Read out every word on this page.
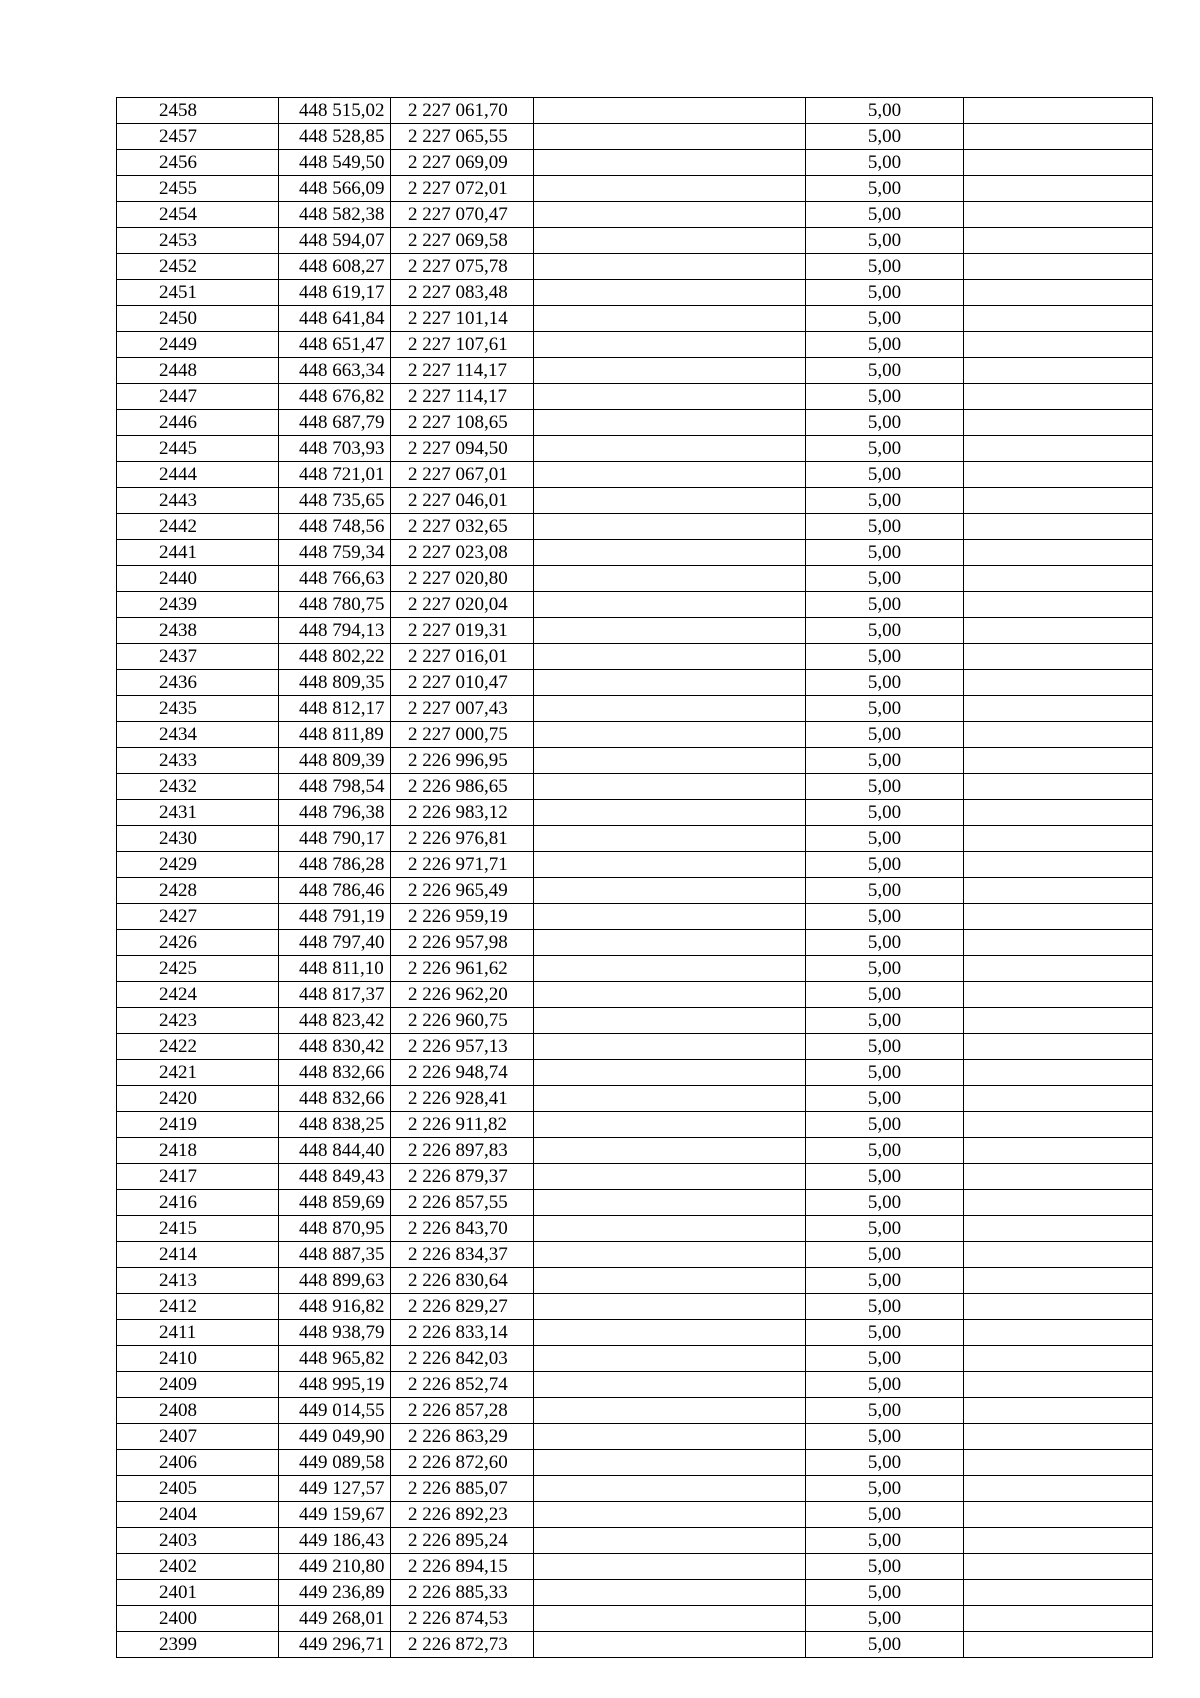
2458	448 515,02	2 227 061,70		5,00	
2457	448 528,85	2 227 065,55		5,00	
2456	448 549,50	2 227 069,09		5,00	
2455	448 566,09	2 227 072,01		5,00	
2454	448 582,38	2 227 070,47		5,00	
2453	448 594,07	2 227 069,58		5,00	
2452	448 608,27	2 227 075,78		5,00	
2451	448 619,17	2 227 083,48		5,00	
2450	448 641,84	2 227 101,14		5,00	
2449	448 651,47	2 227 107,61		5,00	
2448	448 663,34	2 227 114,17		5,00	
2447	448 676,82	2 227 114,17		5,00	
2446	448 687,79	2 227 108,65		5,00	
2445	448 703,93	2 227 094,50		5,00	
2444	448 721,01	2 227 067,01		5,00	
2443	448 735,65	2 227 046,01		5,00	
2442	448 748,56	2 227 032,65		5,00	
2441	448 759,34	2 227 023,08		5,00	
2440	448 766,63	2 227 020,80		5,00	
2439	448 780,75	2 227 020,04		5,00	
2438	448 794,13	2 227 019,31		5,00	
2437	448 802,22	2 227 016,01		5,00	
2436	448 809,35	2 227 010,47		5,00	
2435	448 812,17	2 227 007,43		5,00	
2434	448 811,89	2 227 000,75		5,00	
2433	448 809,39	2 226 996,95		5,00	
2432	448 798,54	2 226 986,65		5,00	
2431	448 796,38	2 226 983,12		5,00	
2430	448 790,17	2 226 976,81		5,00	
2429	448 786,28	2 226 971,71		5,00	
2428	448 786,46	2 226 965,49		5,00	
2427	448 791,19	2 226 959,19		5,00	
2426	448 797,40	2 226 957,98		5,00	
2425	448 811,10	2 226 961,62		5,00	
2424	448 817,37	2 226 962,20		5,00	
2423	448 823,42	2 226 960,75		5,00	
2422	448 830,42	2 226 957,13		5,00	
2421	448 832,66	2 226 948,74		5,00	
2420	448 832,66	2 226 928,41		5,00	
2419	448 838,25	2 226 911,82		5,00	
2418	448 844,40	2 226 897,83		5,00	
2417	448 849,43	2 226 879,37		5,00	
2416	448 859,69	2 226 857,55		5,00	
2415	448 870,95	2 226 843,70		5,00	
2414	448 887,35	2 226 834,37		5,00	
2413	448 899,63	2 226 830,64		5,00	
2412	448 916,82	2 226 829,27		5,00	
2411	448 938,79	2 226 833,14		5,00	
2410	448 965,82	2 226 842,03		5,00	
2409	448 995,19	2 226 852,74		5,00	
2408	449 014,55	2 226 857,28		5,00	
2407	449 049,90	2 226 863,29		5,00	
2406	449 089,58	2 226 872,60		5,00	
2405	449 127,57	2 226 885,07		5,00	
2404	449 159,67	2 226 892,23		5,00	
2403	449 186,43	2 226 895,24		5,00	
2402	449 210,80	2 226 894,15		5,00	
2401	449 236,89	2 226 885,33		5,00	
2400	449 268,01	2 226 874,53		5,00	
2399	449 296,71	2 226 872,73		5,00	
